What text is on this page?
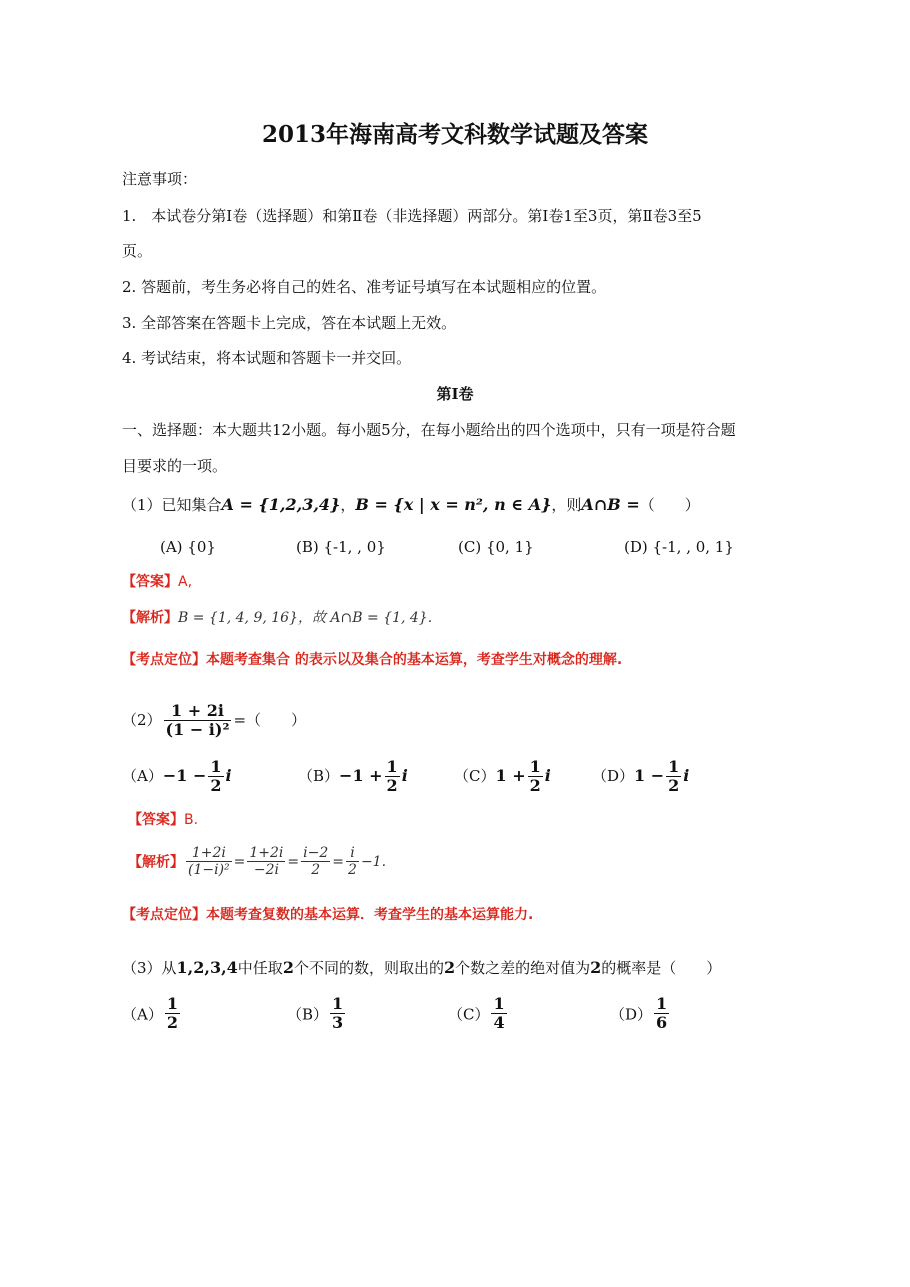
2013年海南高考文科数学试题及答案
注意事项：
1.　本试卷分第Ⅰ卷（选择题）和第Ⅱ卷（非选择题）两部分。第Ⅰ卷1至3页，第Ⅱ卷3至5
页。
2. 答题前，考生务必将自己的姓名、准考证号填写在本试题相应的位置。
3. 全部答案在答题卡上完成，答在本试题上无效。
4. 考试结束，将本试题和答题卡一并交回。
第Ⅰ卷
一、选择题：本大题共12小题。每小题5分，在每小题给出的四个选项中，只有一项是符合题
目要求的一项。
（1）已知集合A = {1,2,3,4}，B = {x | x = n², n ∈ A}，则A∩B =（　　）
(A) {0}	(B) {-1, , 0}	(C) {0, 1}	(D) {-1, , 0, 1}
【答案】A,
【解析】B = {1, 4, 9, 16}，故 A∩B = {1, 4}.
【考点定位】本题考查集合 的表示以及集合的基本运算，考查学生对概念的理解.
$(2) \frac{1 + 2i}{\text{(1 − i)²}}$ =（　　）
$(A)-1 - \frac{1}{2}$ i	$(B)-1 + \frac{1}{2}$ i	$(C)1 + \frac{1}{2}$ i	$(D)1 - \frac{1}{2}$ i
【答案】B.
【解析】 $\frac{1+2i}{\text{(1−i)²}} = \frac{1+2i}{-2i} = \frac{i-2}{2} = \frac{i}{2} -1$.
【考点定位】本题考查复数的基本运算．考查学生的基本运算能力.
（3）从1,2,3,4中任取2个不同的数，则取出的2个数之差的绝对值为2的概率是（　　）
$(A) \frac{1}{2}$	$(B) \frac{1}{3}$	$(C) \frac{1}{4}$	$(D) \frac{1}{6}$
